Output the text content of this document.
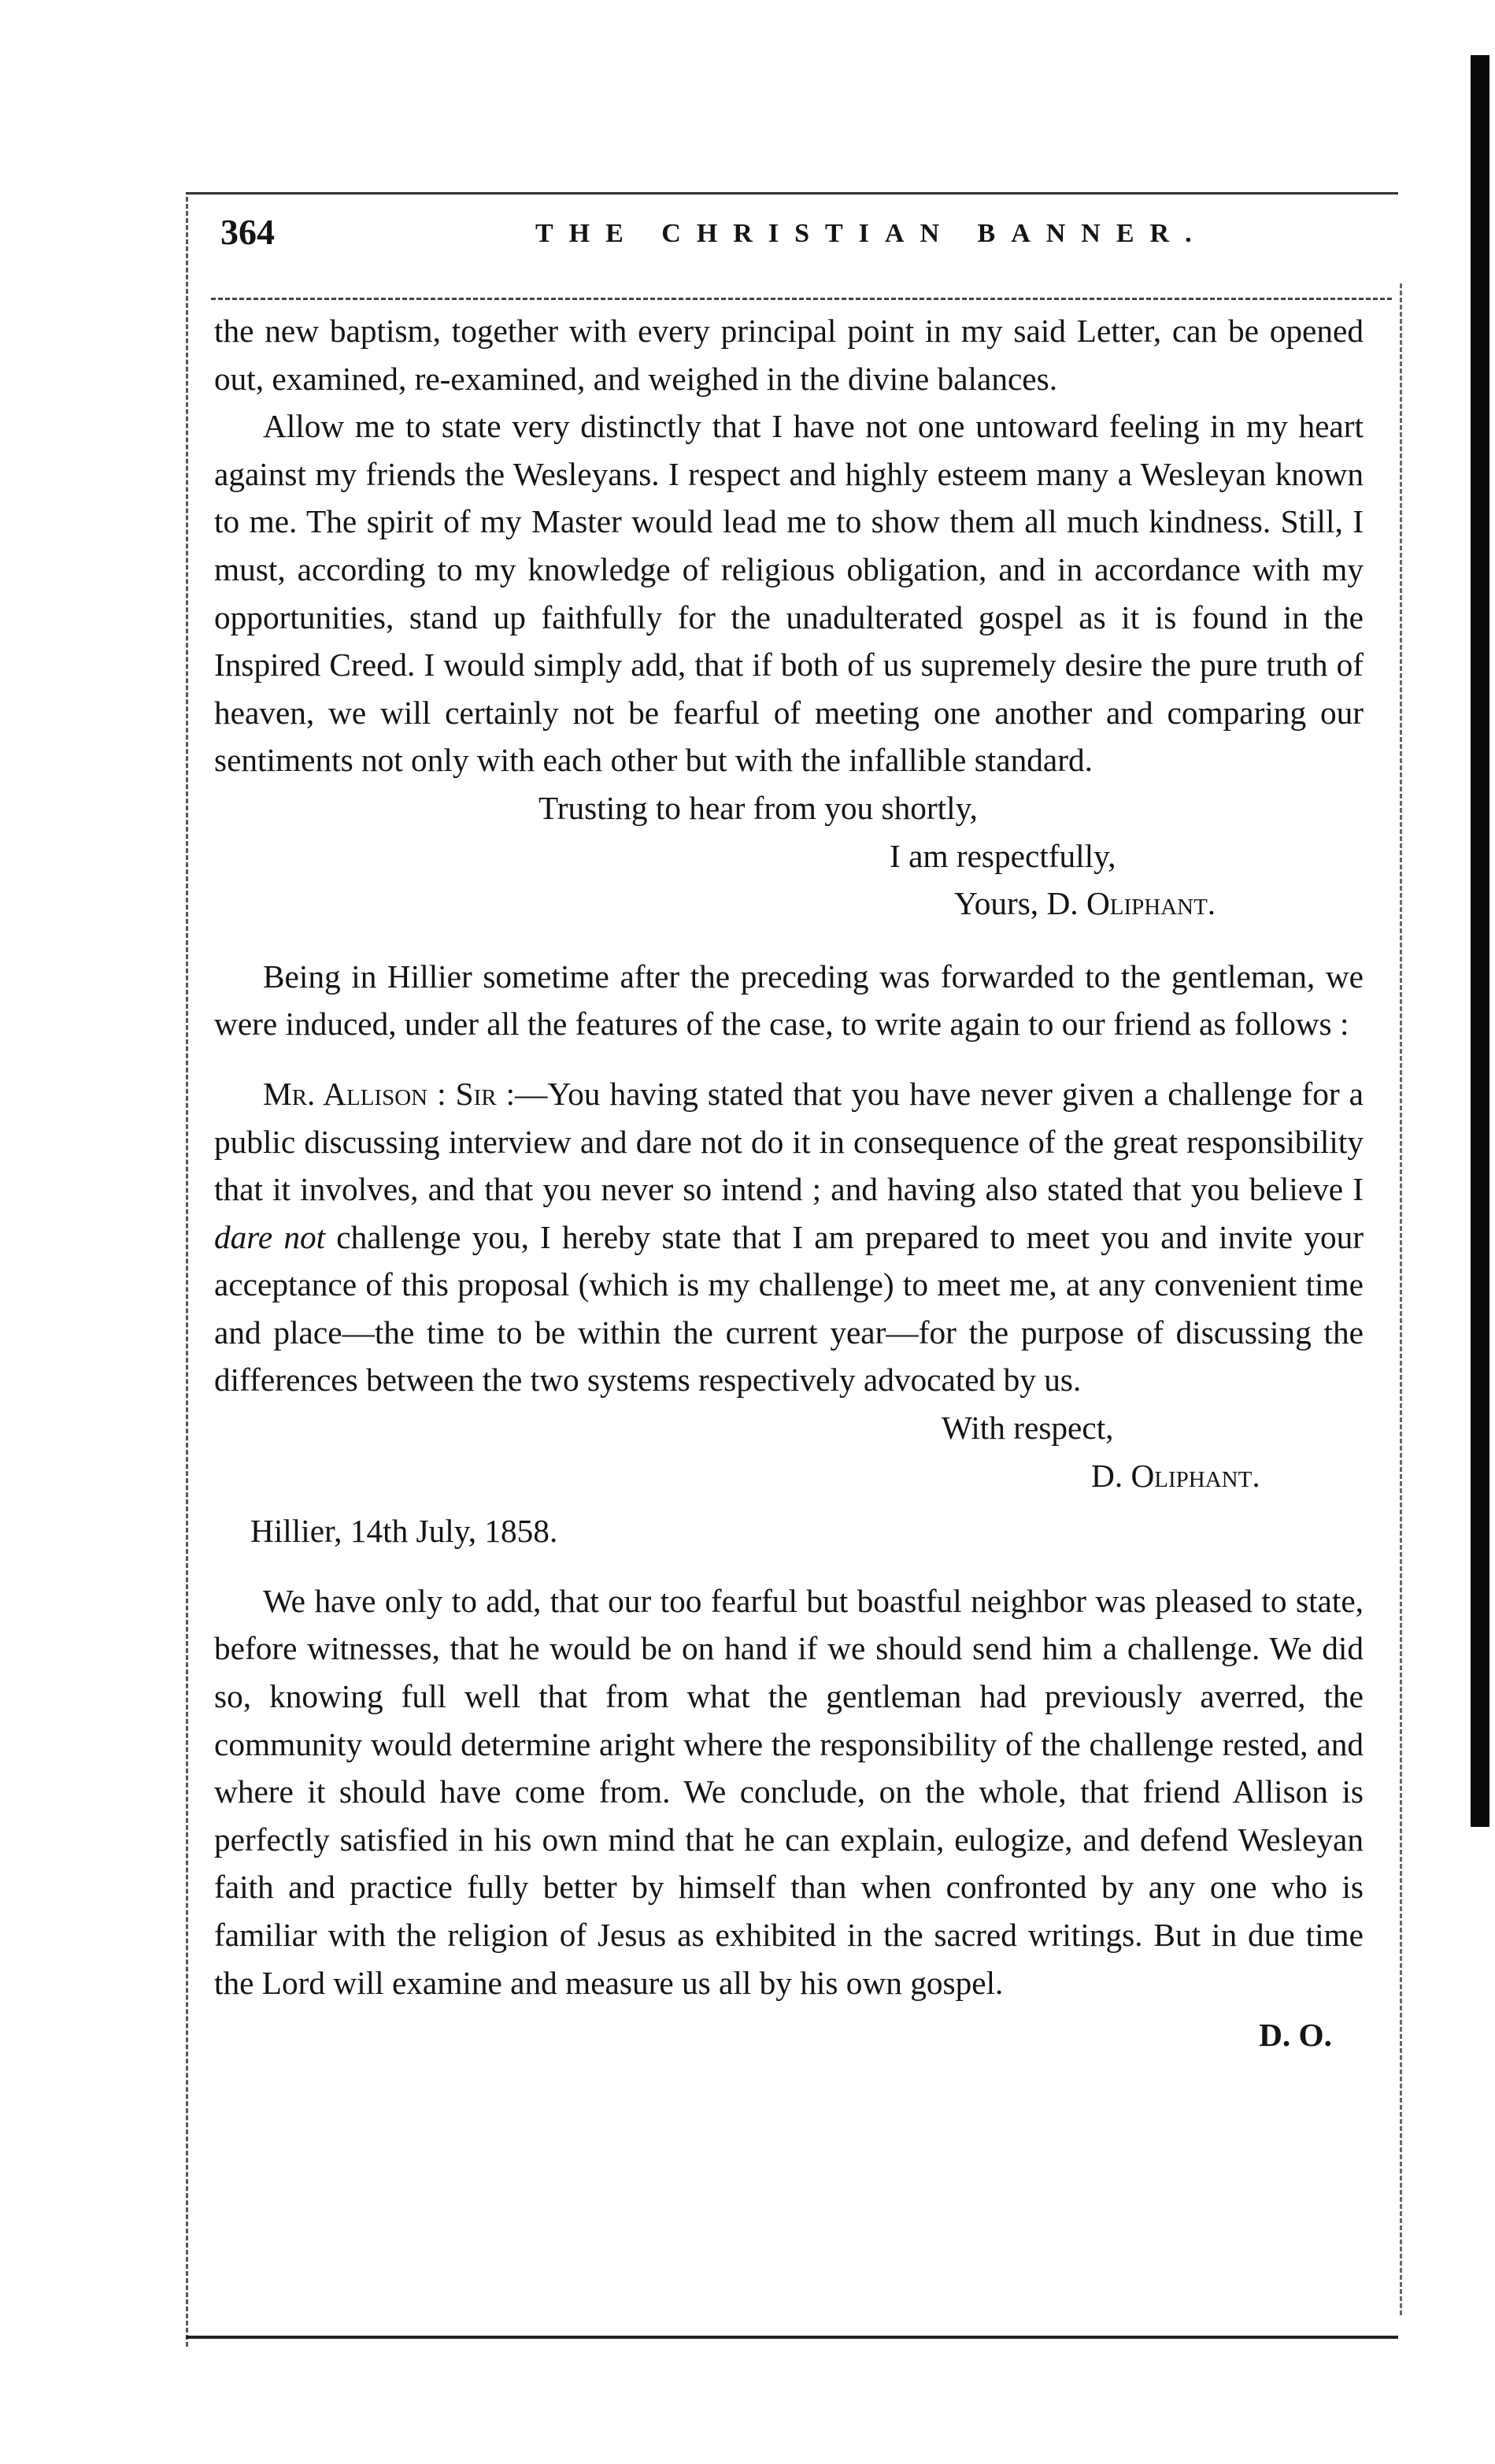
364	THE CHRISTIAN BANNER.

the new baptism, together with every principal point in my said Letter, can be opened out, examined, re-examined, and weighed in the divine balances.

Allow me to state very distinctly that I have not one untoward feeling in my heart against my friends the Wesleyans. I respect and highly esteem many a Wesleyan known to me. The spirit of my Master would lead me to show them all much kindness. Still, I must, according to my knowledge of religious obligation, and in accordance with my opportunities, stand up faithfully for the unadulterated gospel as it is found in the Inspired Creed. I would simply add, that if both of us supremely desire the pure truth of heaven, we will certainly not be fearful of meeting one another and comparing our sentiments not only with each other but with the infallible standard.

Trusting to hear from you shortly,
I am respectfully,
Yours, D. Oliphant.

Being in Hillier sometime after the preceding was forwarded to the gentleman, we were induced, under all the features of the case, to write again to our friend as follows :

Mr. Allison : Sir :—You having stated that you have never given a challenge for a public discussing interview and dare not do it in consequence of the great responsibility that it involves, and that you never so intend ; and having also stated that you believe I dare not challenge you, I hereby state that I am prepared to meet you and invite your acceptance of this proposal (which is my challenge) to meet me, at any convenient time and place—the time to be within the current year—for the purpose of discussing the differences between the two systems respectively advocated by us.

With respect,
D. Oliphant.

Hillier, 14th July, 1858.

We have only to add, that our too fearful but boastful neighbor was pleased to state, before witnesses, that he would be on hand if we should send him a challenge. We did so, knowing full well that from what the gentleman had previously averred, the community would determine aright where the responsibility of the challenge rested, and where it should have come from. We conclude, on the whole, that friend Allison is perfectly satisfied in his own mind that he can explain, eulogize, and defend Wesleyan faith and practice fully better by himself than when confronted by any one who is familiar with the religion of Jesus as exhibited in the sacred writings. But in due time the Lord will examine and measure us all by his own gospel.

D. O.
